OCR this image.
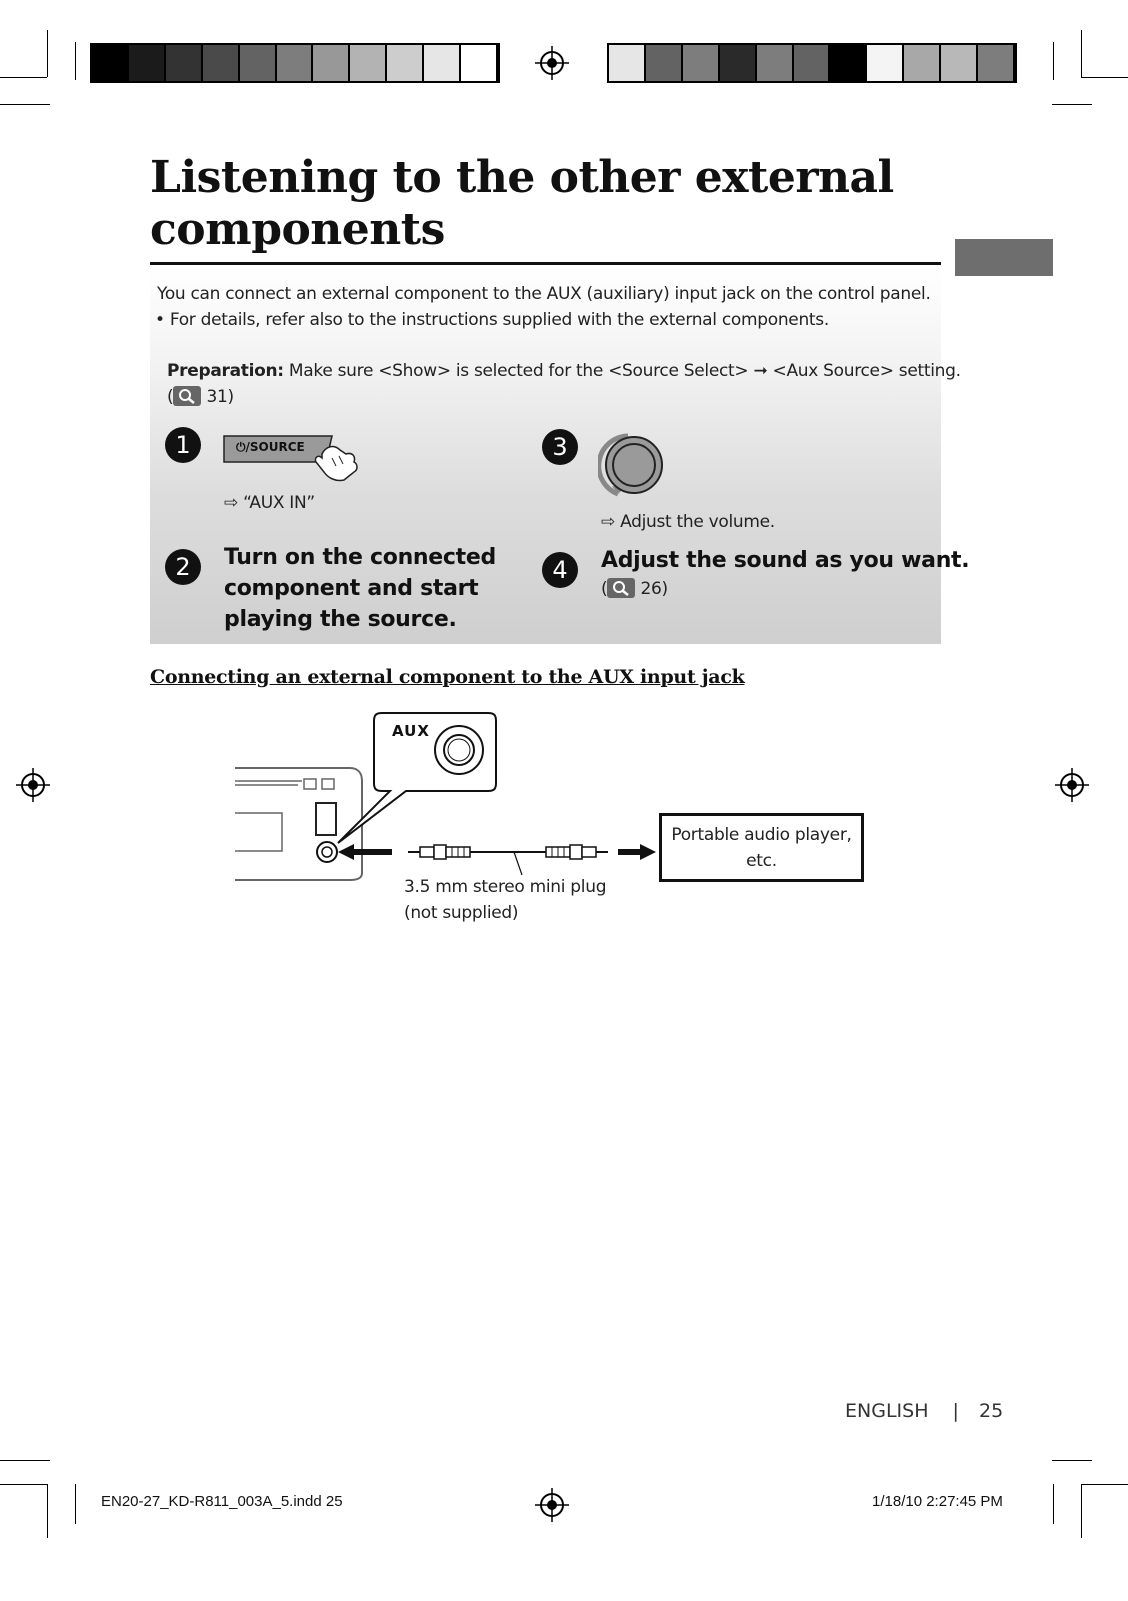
Listening to the other external
components
You can connect an external component to the AUX (auxiliary) input jack on the control panel.
• For details, refer also to the instructions supplied with the external components.
Preparation: Make sure <Show> is selected for the <Source Select> ➞ <Aux Source> setting.
( 31)
1	⏻/SOURCE
⇨ “AUX IN”
3
⇨ Adjust the volume.
2	Turn on the connected
component and start
playing the source.
4	Adjust the sound as you want.
( 26)
Connecting an external component to the AUX input jack
AUX
Portable audio player,
etc.
3.5 mm stereo mini plug
(not supplied)
ENGLISH | 25
EN20-27_KD-R811_003A_5.indd 25	1/18/10 2:27:45 PM
